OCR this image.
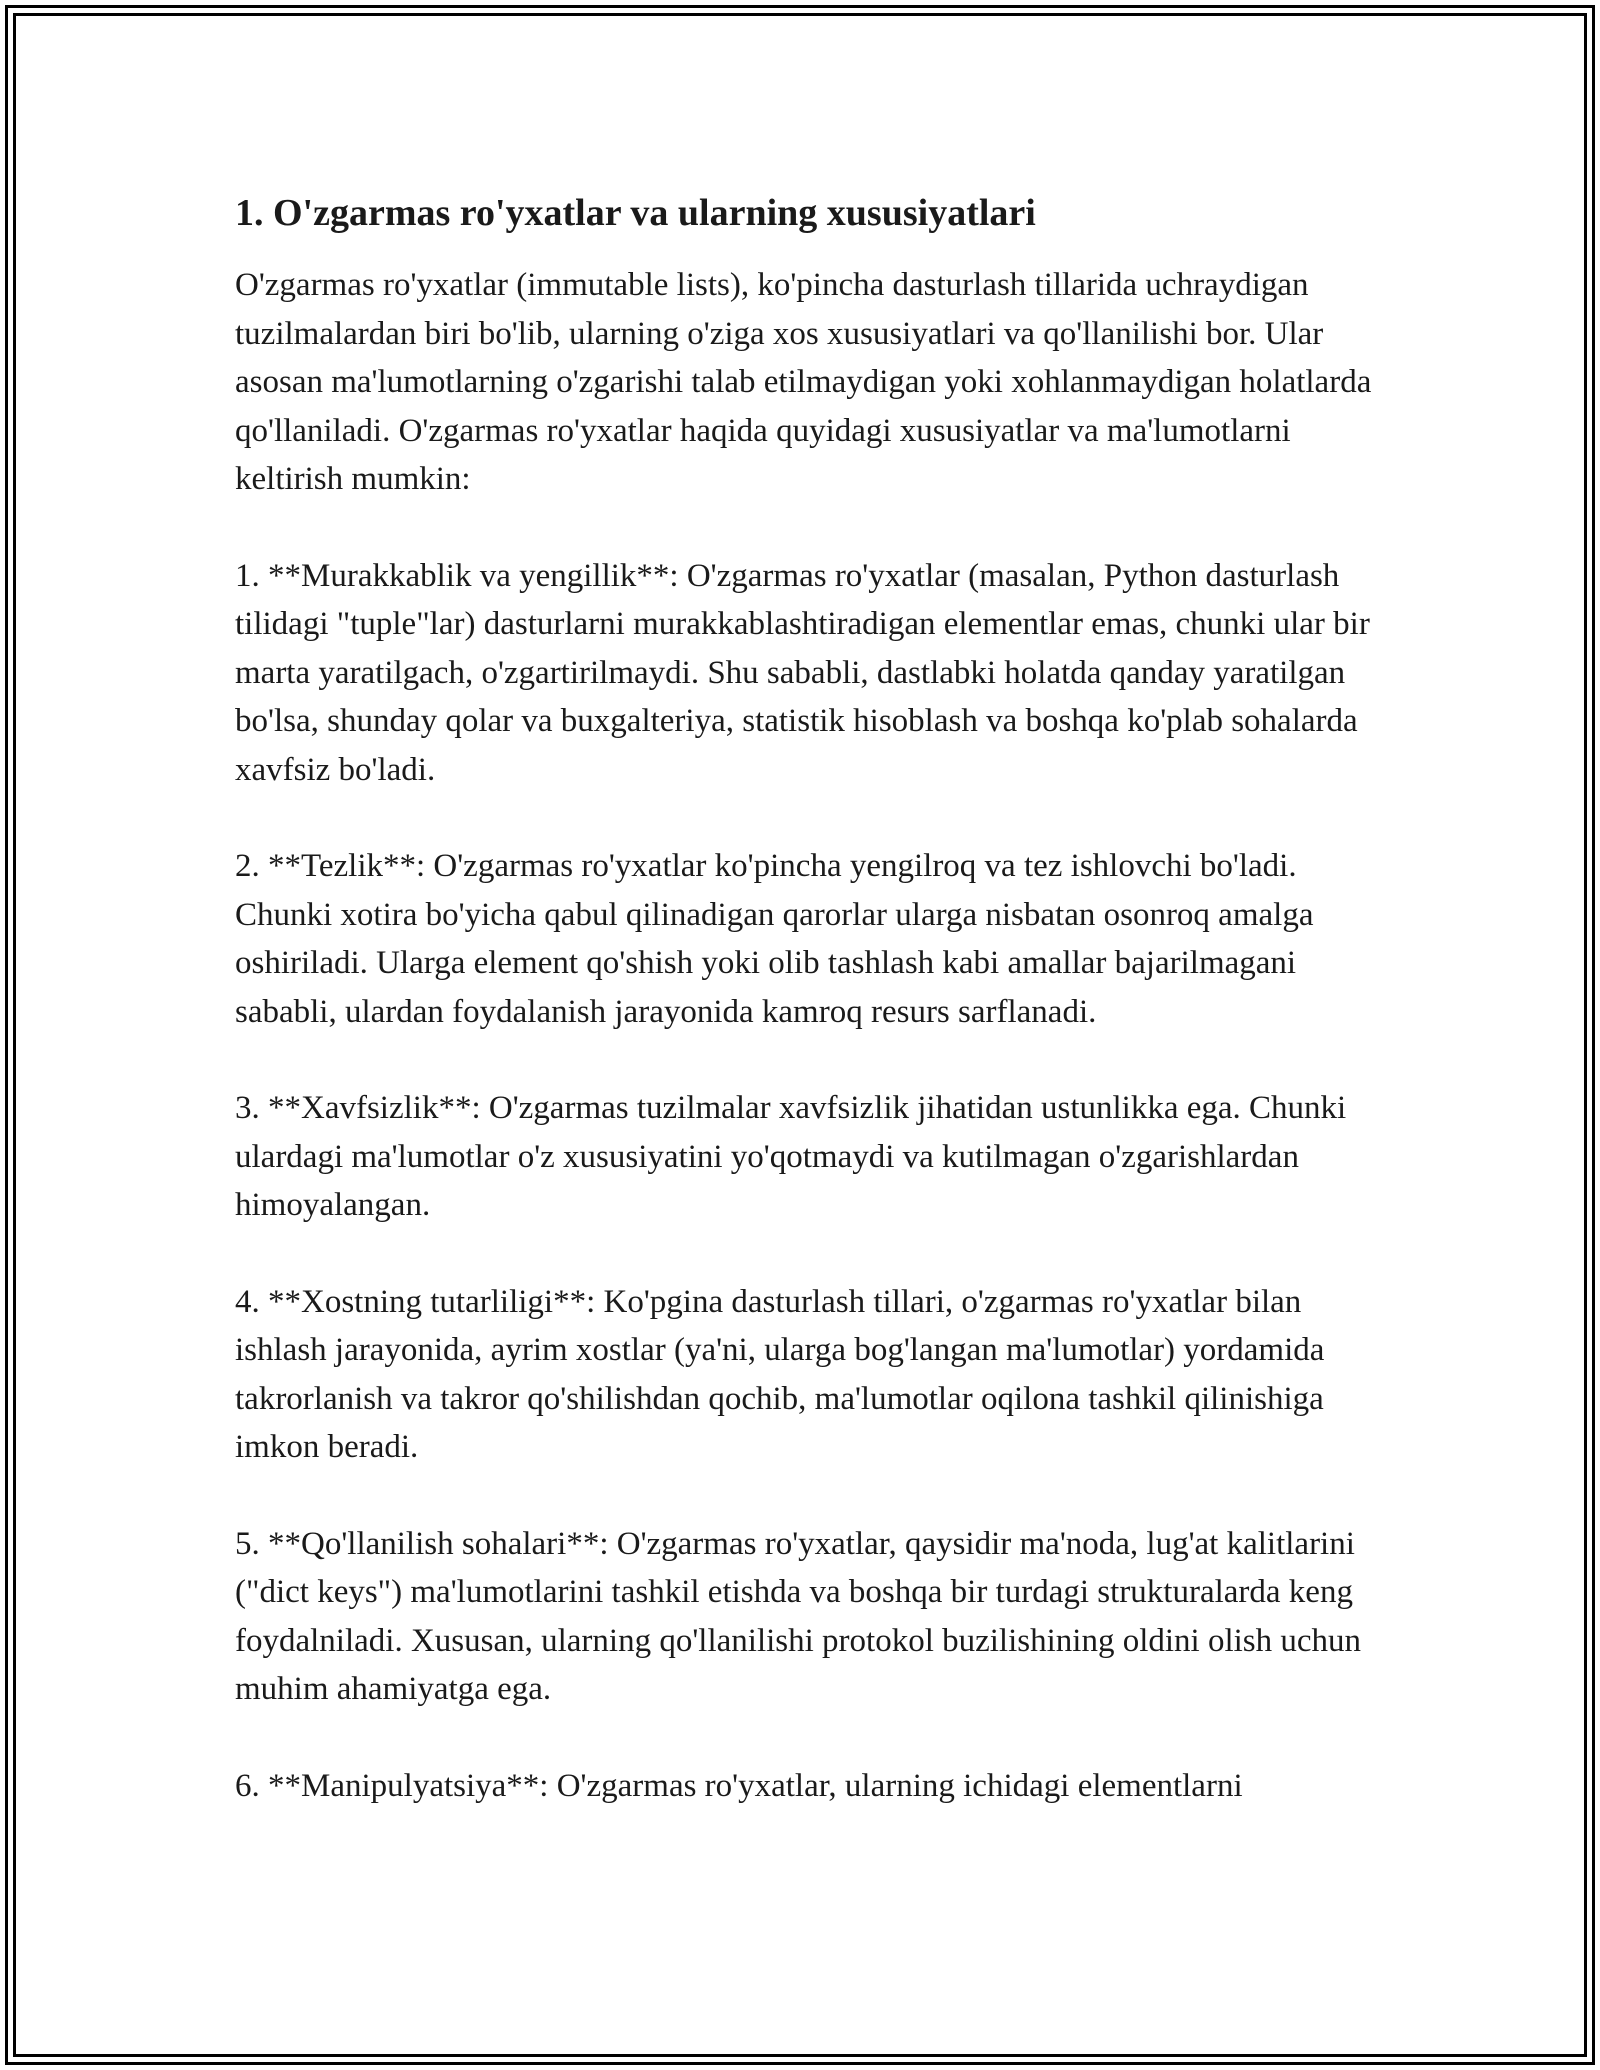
1. O'zgarmas ro'yxatlar va ularning xususiyatlari

O'zgarmas ro'yxatlar (immutable lists), ko'pincha dasturlash tillarida uchraydigan tuzilmalardan biri bo'lib, ularning o'ziga xos xususiyatlari va qo'llanilishi bor. Ular asosan ma'lumotlarning o'zgarishi talab etilmaydigan yoki xohlanmaydigan holatlarda qo'llaniladi. O'zgarmas ro'yxatlar haqida quyidagi xususiyatlar va ma'lumotlarni keltirish mumkin:

1. **Murakkablik va yengillik**: O'zgarmas ro'yxatlar (masalan, Python dasturlash tilidagi "tuple"lar) dasturlarni murakkablashtiradigan elementlar emas, chunki ular bir marta yaratilgach, o'zgartirilmaydi. Shu sababli, dastlabki holatda qanday yaratilgan bo'lsa, shunday qolar va buxgalteriya, statistik hisoblash va boshqa ko'plab sohalarda xavfsiz bo'ladi.

2. **Tezlik**: O'zgarmas ro'yxatlar ko'pincha yengilroq va tez ishlovchi bo'ladi. Chunki xotira bo'yicha qabul qilinadigan qarorlar ularga nisbatan osonroq amalga oshiriladi. Ularga element qo'shish yoki olib tashlash kabi amallar bajarilmagani sababli, ulardan foydalanish jarayonida kamroq resurs sarflanadi.

3. **Xavfsizlik**: O'zgarmas tuzilmalar xavfsizlik jihatidan ustunlikka ega. Chunki ulardagi ma'lumotlar o'z xususiyatini yo'qotmaydi va kutilmagan o'zgarishlardan himoyalangan.

4. **Xostning tutarliligi**: Ko'pgina dasturlash tillari, o'zgarmas ro'yxatlar bilan ishlash jarayonida, ayrim xostlar (ya'ni, ularga bog'langan ma'lumotlar) yordamida takrorlanish va takror qo'shilishdan qochib, ma'lumotlar oqilona tashkil qilinishiga imkon beradi.

5. **Qo'llanilish sohalari**: O'zgarmas ro'yxatlar, qaysidir ma'noda, lug'at kalitlarini ("dict keys") ma'lumotlarini tashkil etishda va boshqa bir turdagi strukturalarda keng foydalniladi. Xususan, ularning qo'llanilishi protokol buzilishining oldini olish uchun muhim ahamiyatga ega.

6. **Manipulyatsiya**: O'zgarmas ro'yxatlar, ularning ichidagi elementlarni
